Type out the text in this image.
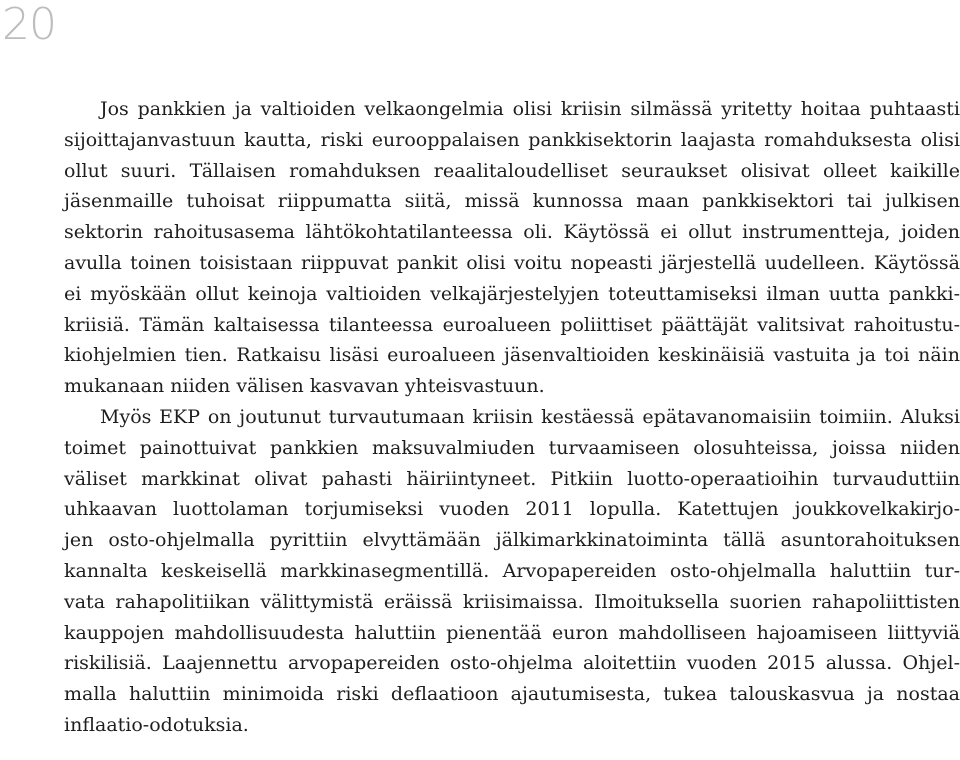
20
Jos pankkien ja valtioiden velkaongelmia olisi kriisin silmässä yritetty hoitaa puhtaasti
sijoittajanvastuun kautta, riski eurooppalaisen pankkisektorin laajasta romahduksesta olisi
ollut suuri. Tällaisen romahduksen reaalitaloudelliset seuraukset olisivat olleet kaikille
jäsenmaille tuhoisat riippumatta siitä, missä kunnossa maan pankkisektori tai julkisen
sektorin rahoitusasema lähtökohtatilanteessa oli. Käytössä ei ollut instrumentteja, joiden
avulla toinen toisistaan riippuvat pankit olisi voitu nopeasti järjestellä uudelleen. Käytössä
ei myöskään ollut keinoja valtioiden velkajärjestelyjen toteuttamiseksi ilman uutta pankki-
kriisiä. Tämän kaltaisessa tilanteessa euroalueen poliittiset päättäjät valitsivat rahoitustu-
kiohjelmien tien. Ratkaisu lisäsi euroalueen jäsenvaltioiden keskinäisiä vastuita ja toi näin
mukanaan niiden välisen kasvavan yhteisvastuun.
Myös EKP on joutunut turvautumaan kriisin kestäessä epätavanomaisiin toimiin. Aluksi
toimet painottuivat pankkien maksuvalmiuden turvaamiseen olosuhteissa, joissa niiden
väliset markkinat olivat pahasti häiriintyneet. Pitkiin luotto-operaatioihin turvauduttiin
uhkaavan luottolaman torjumiseksi vuoden 2011 lopulla. Katettujen joukkovelkakirjo-
jen osto-ohjelmalla pyrittiin elvyttämään jälkimarkkinatoiminta tällä asuntorahoituksen
kannalta keskeisellä markkinasegmentillä. Arvopapereiden osto-ohjelmalla haluttiin tur-
vata rahapolitiikan välittymistä eräissä kriisimaissa. Ilmoituksella suorien rahapoliittisten
kauppojen mahdollisuudesta haluttiin pienentää euron mahdolliseen hajoamiseen liittyviä
riskilisiä. Laajennettu arvopapereiden osto-ohjelma aloitettiin vuoden 2015 alussa. Ohjel-
malla haluttiin minimoida riski deflaatioon ajautumisesta, tukea talouskasvua ja nostaa
inflaatio-odotuksia.
